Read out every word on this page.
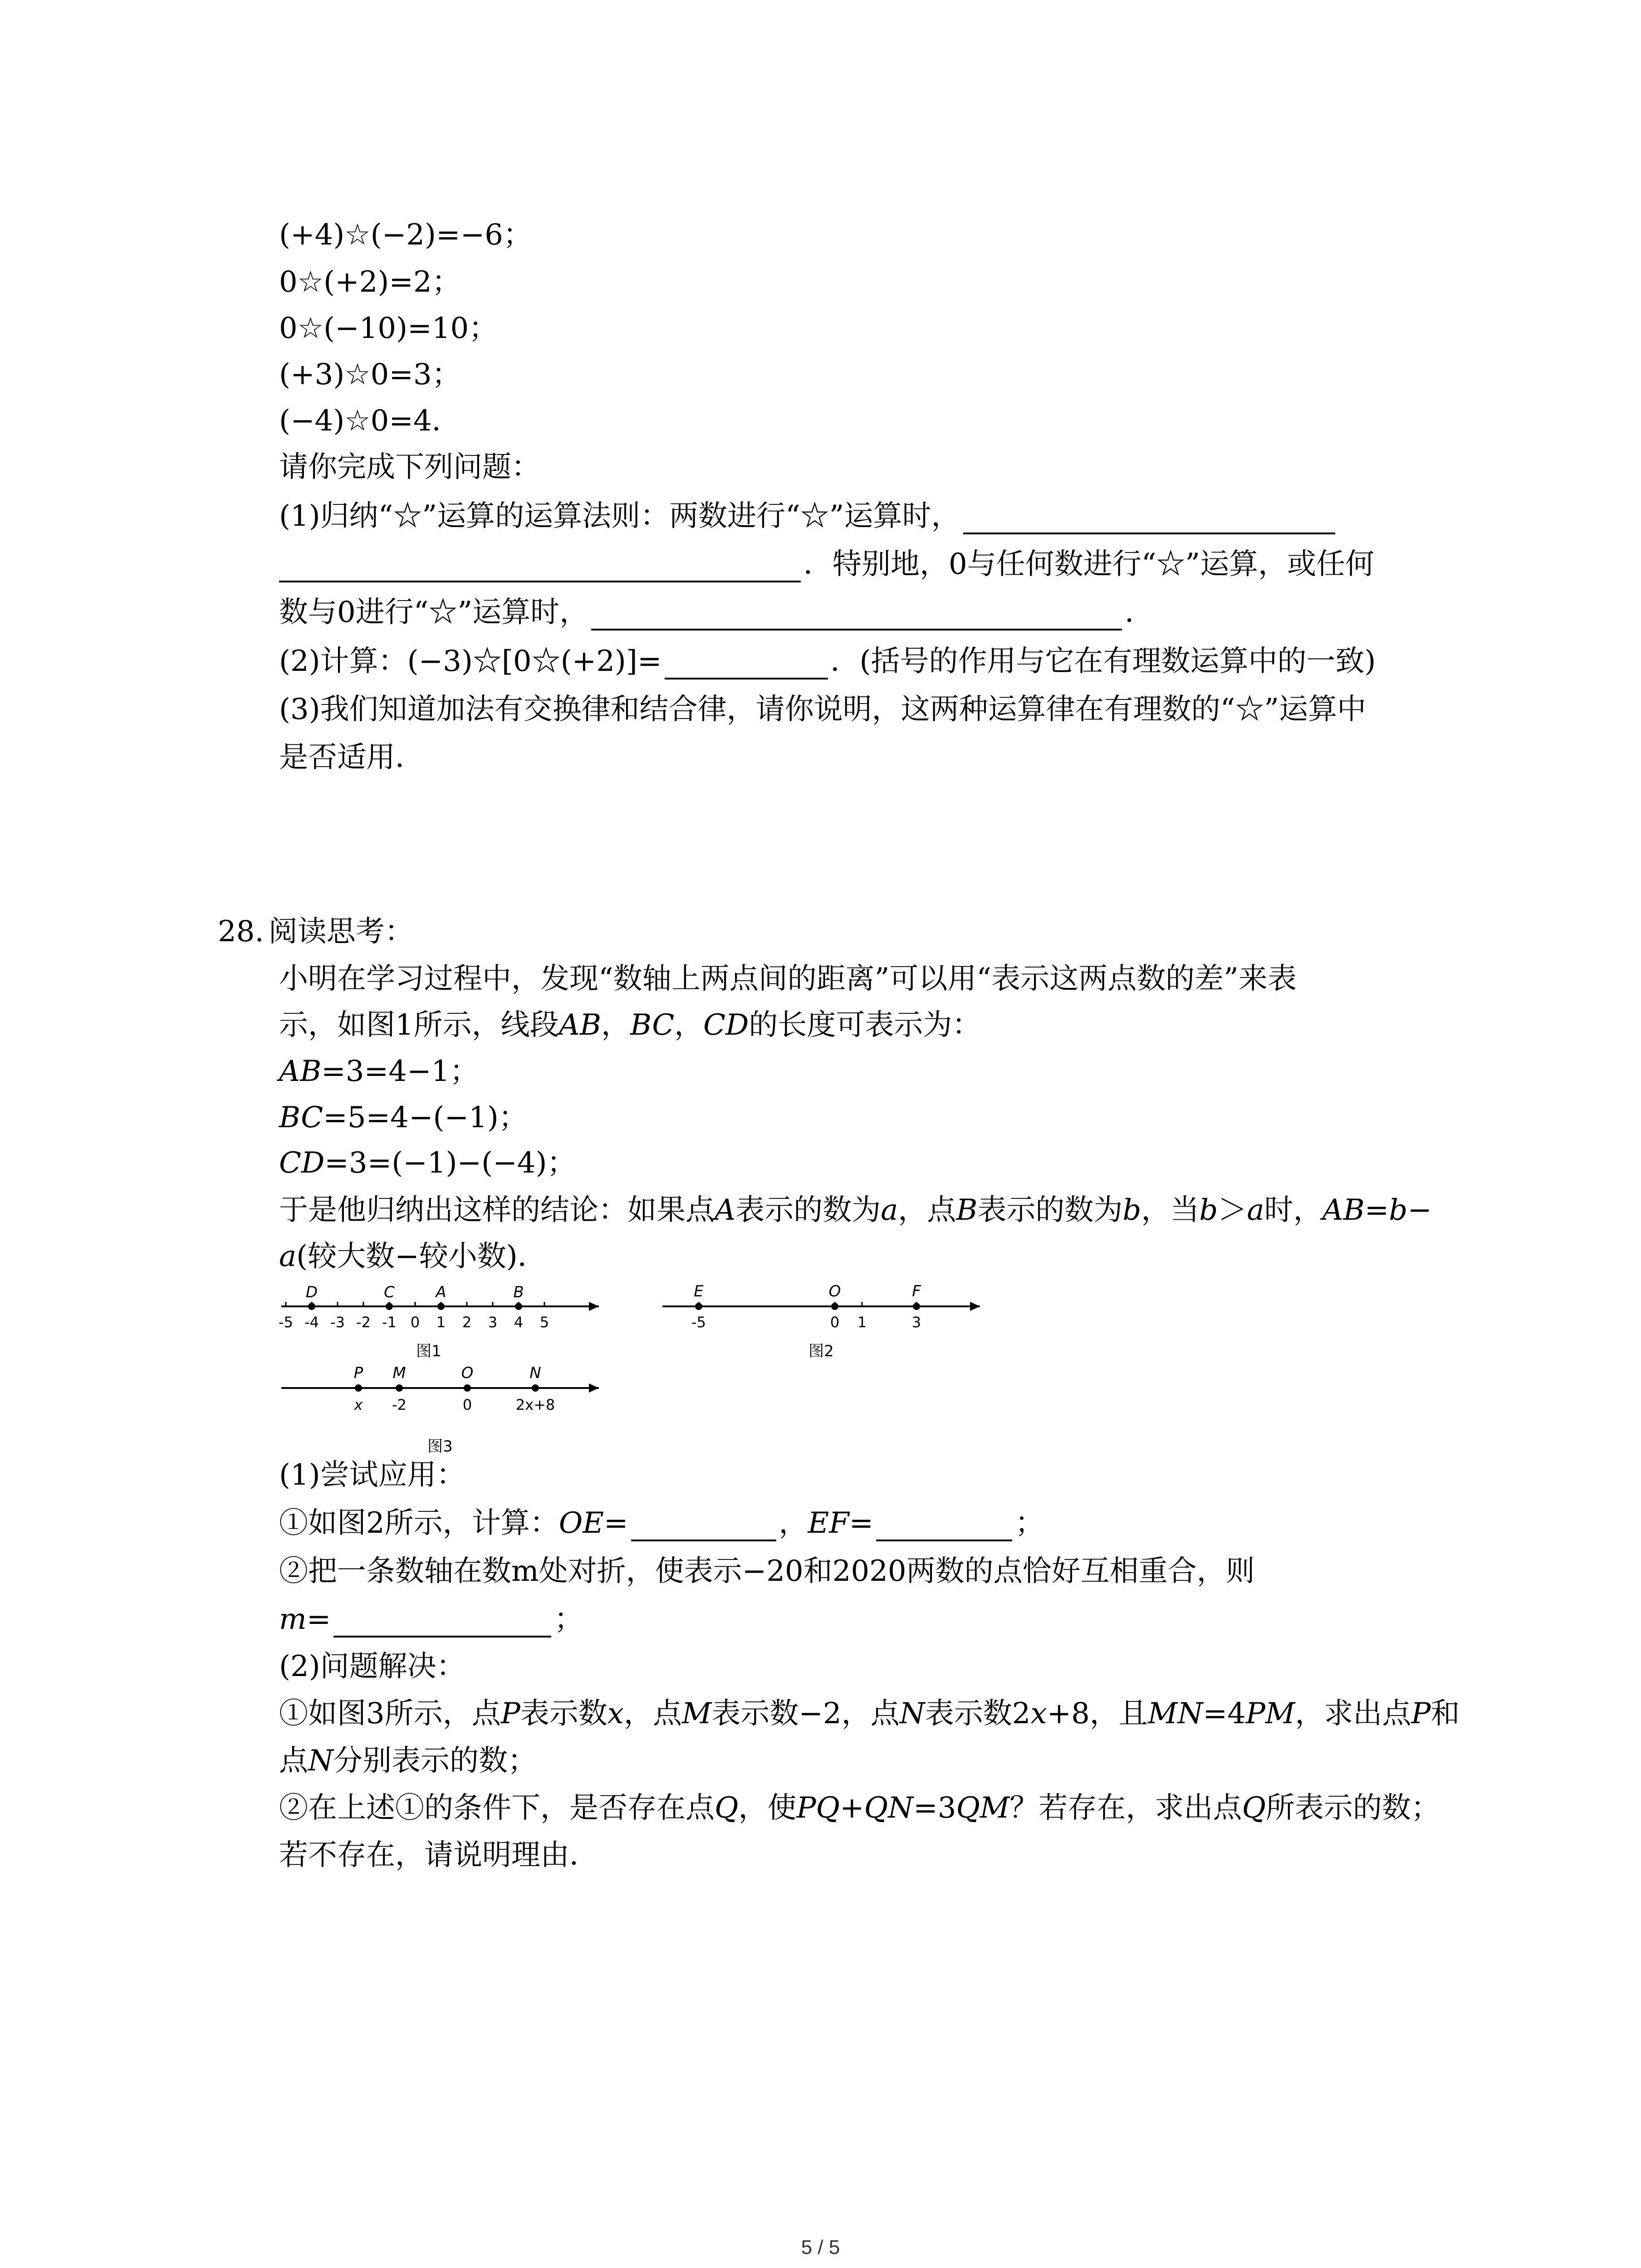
(+4)☆(−2)=−6；
0☆(+2)=2；
0☆(−10)=10；
(+3)☆0=3；
(−4)☆0=4．
请你完成下列问题：
(1)归纳“☆”运算的运算法则：两数进行“☆”运算时，
．特别地，0与任何数进行“☆”运算，或任何
数与0进行“☆”运算时，	．
(2)计算：(−3)☆[0☆(+2)]=	．(括号的作用与它在有理数运算中的一致)
(3)我们知道加法有交换律和结合律，请你说明，这两种运算律在有理数的“☆”运算中
是否适用．
28. 阅读思考：
小明在学习过程中，发现“数轴上两点间的距离”可以用“表示这两点数的差”来表
示，如图1所示，线段AB，BC，CD的长度可表示为：
AB=3=4−1；
BC=5=4−(−1)；
CD=3=(−1)−(−4)；
于是他归纳出这样的结论：如果点A表示的数为a，点B表示的数为b，当b＞a时，AB=b−
a(较大数−较小数)．
-5 -4 -3 -2 -1 0 1 2 3 4 5
D	C	A	B
图1
-5	0 1	3
E	O	F
图2
P
x
M
-2
O
0
N
2x+8
图3
(1)尝试应用：
①如图2所示，计算：OE=	，EF=	；
②把一条数轴在数m处对折，使表示−20和2020两数的点恰好互相重合，则
m=	；
(2)问题解决：
①如图3所示，点P表示数x，点M表示数−2，点N表示数2x+8，且MN=4PM，求出点P和
点N分别表示的数；
②在上述①的条件下，是否存在点Q，使PQ+QN=3QM？若存在，求出点Q所表示的数；
若不存在，请说明理由．
5 / 5
